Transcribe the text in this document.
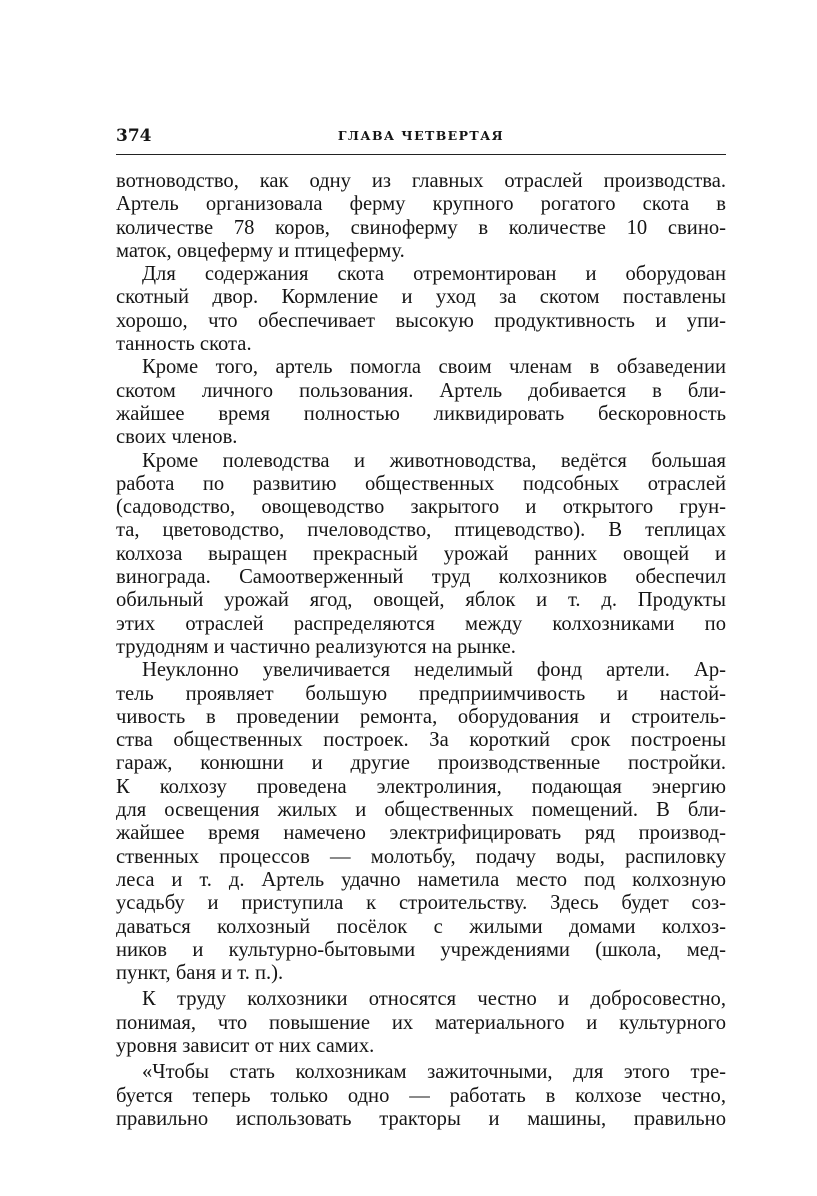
374	ГЛАВА ЧЕТВЕРТАЯ
вотноводство, как одну из главных отраслей производства.
Артель организовала ферму крупного рогатого скота в
количестве 78 коров, свиноферму в количестве 10 свино-
маток, овцеферму и птицеферму.
Для содержания скота отремонтирован и оборудован
скотный двор. Кормление и уход за скотом поставлены
хорошо, что обеспечивает высокую продуктивность и упи-
танность скота.
Кроме того, артель помогла своим членам в обзаведении
скотом личного пользования. Артель добивается в бли-
жайшее время полностью ликвидировать бескоровность
своих членов.
Кроме полеводства и животноводства, ведётся большая
работа по развитию общественных подсобных отраслей
(садоводство, овощеводство закрытого и открытого грун-
та, цветоводство, пчеловодство, птицеводство). В теплицах
колхоза выращен прекрасный урожай ранних овощей и
винограда. Самоотверженный труд колхозников обеспечил
обильный урожай ягод, овощей, яблок и т. д. Продукты
этих отраслей распределяются между колхозниками по
трудодням и частично реализуются на рынке.
Неуклонно увеличивается неделимый фонд артели. Ар-
тель проявляет большую предприимчивость и настой-
чивость в проведении ремонта, оборудования и строитель-
ства общественных построек. За короткий срок построены
гараж, конюшни и другие производственные постройки.
К колхозу проведена электролиния, подающая энергию
для освещения жилых и общественных помещений. В бли-
жайшее время намечено электрифицировать ряд производ-
ственных процессов — молотьбу, подачу воды, распиловку
леса и т. д. Артель удачно наметила место под колхозную
усадьбу и приступила к строительству. Здесь будет соз-
даваться колхозный посёлок с жилыми домами колхоз-
ников и культурно-бытовыми учреждениями (школа, мед-
пункт, баня и т. п.).
К труду колхозники относятся честно и добросовестно,
понимая, что повышение их материального и культурного
уровня зависит от них самих.
«Чтобы стать колхозникам зажиточными, для этого тре-
буется теперь только одно — работать в колхозе честно,
правильно использовать тракторы и машины, правильно
